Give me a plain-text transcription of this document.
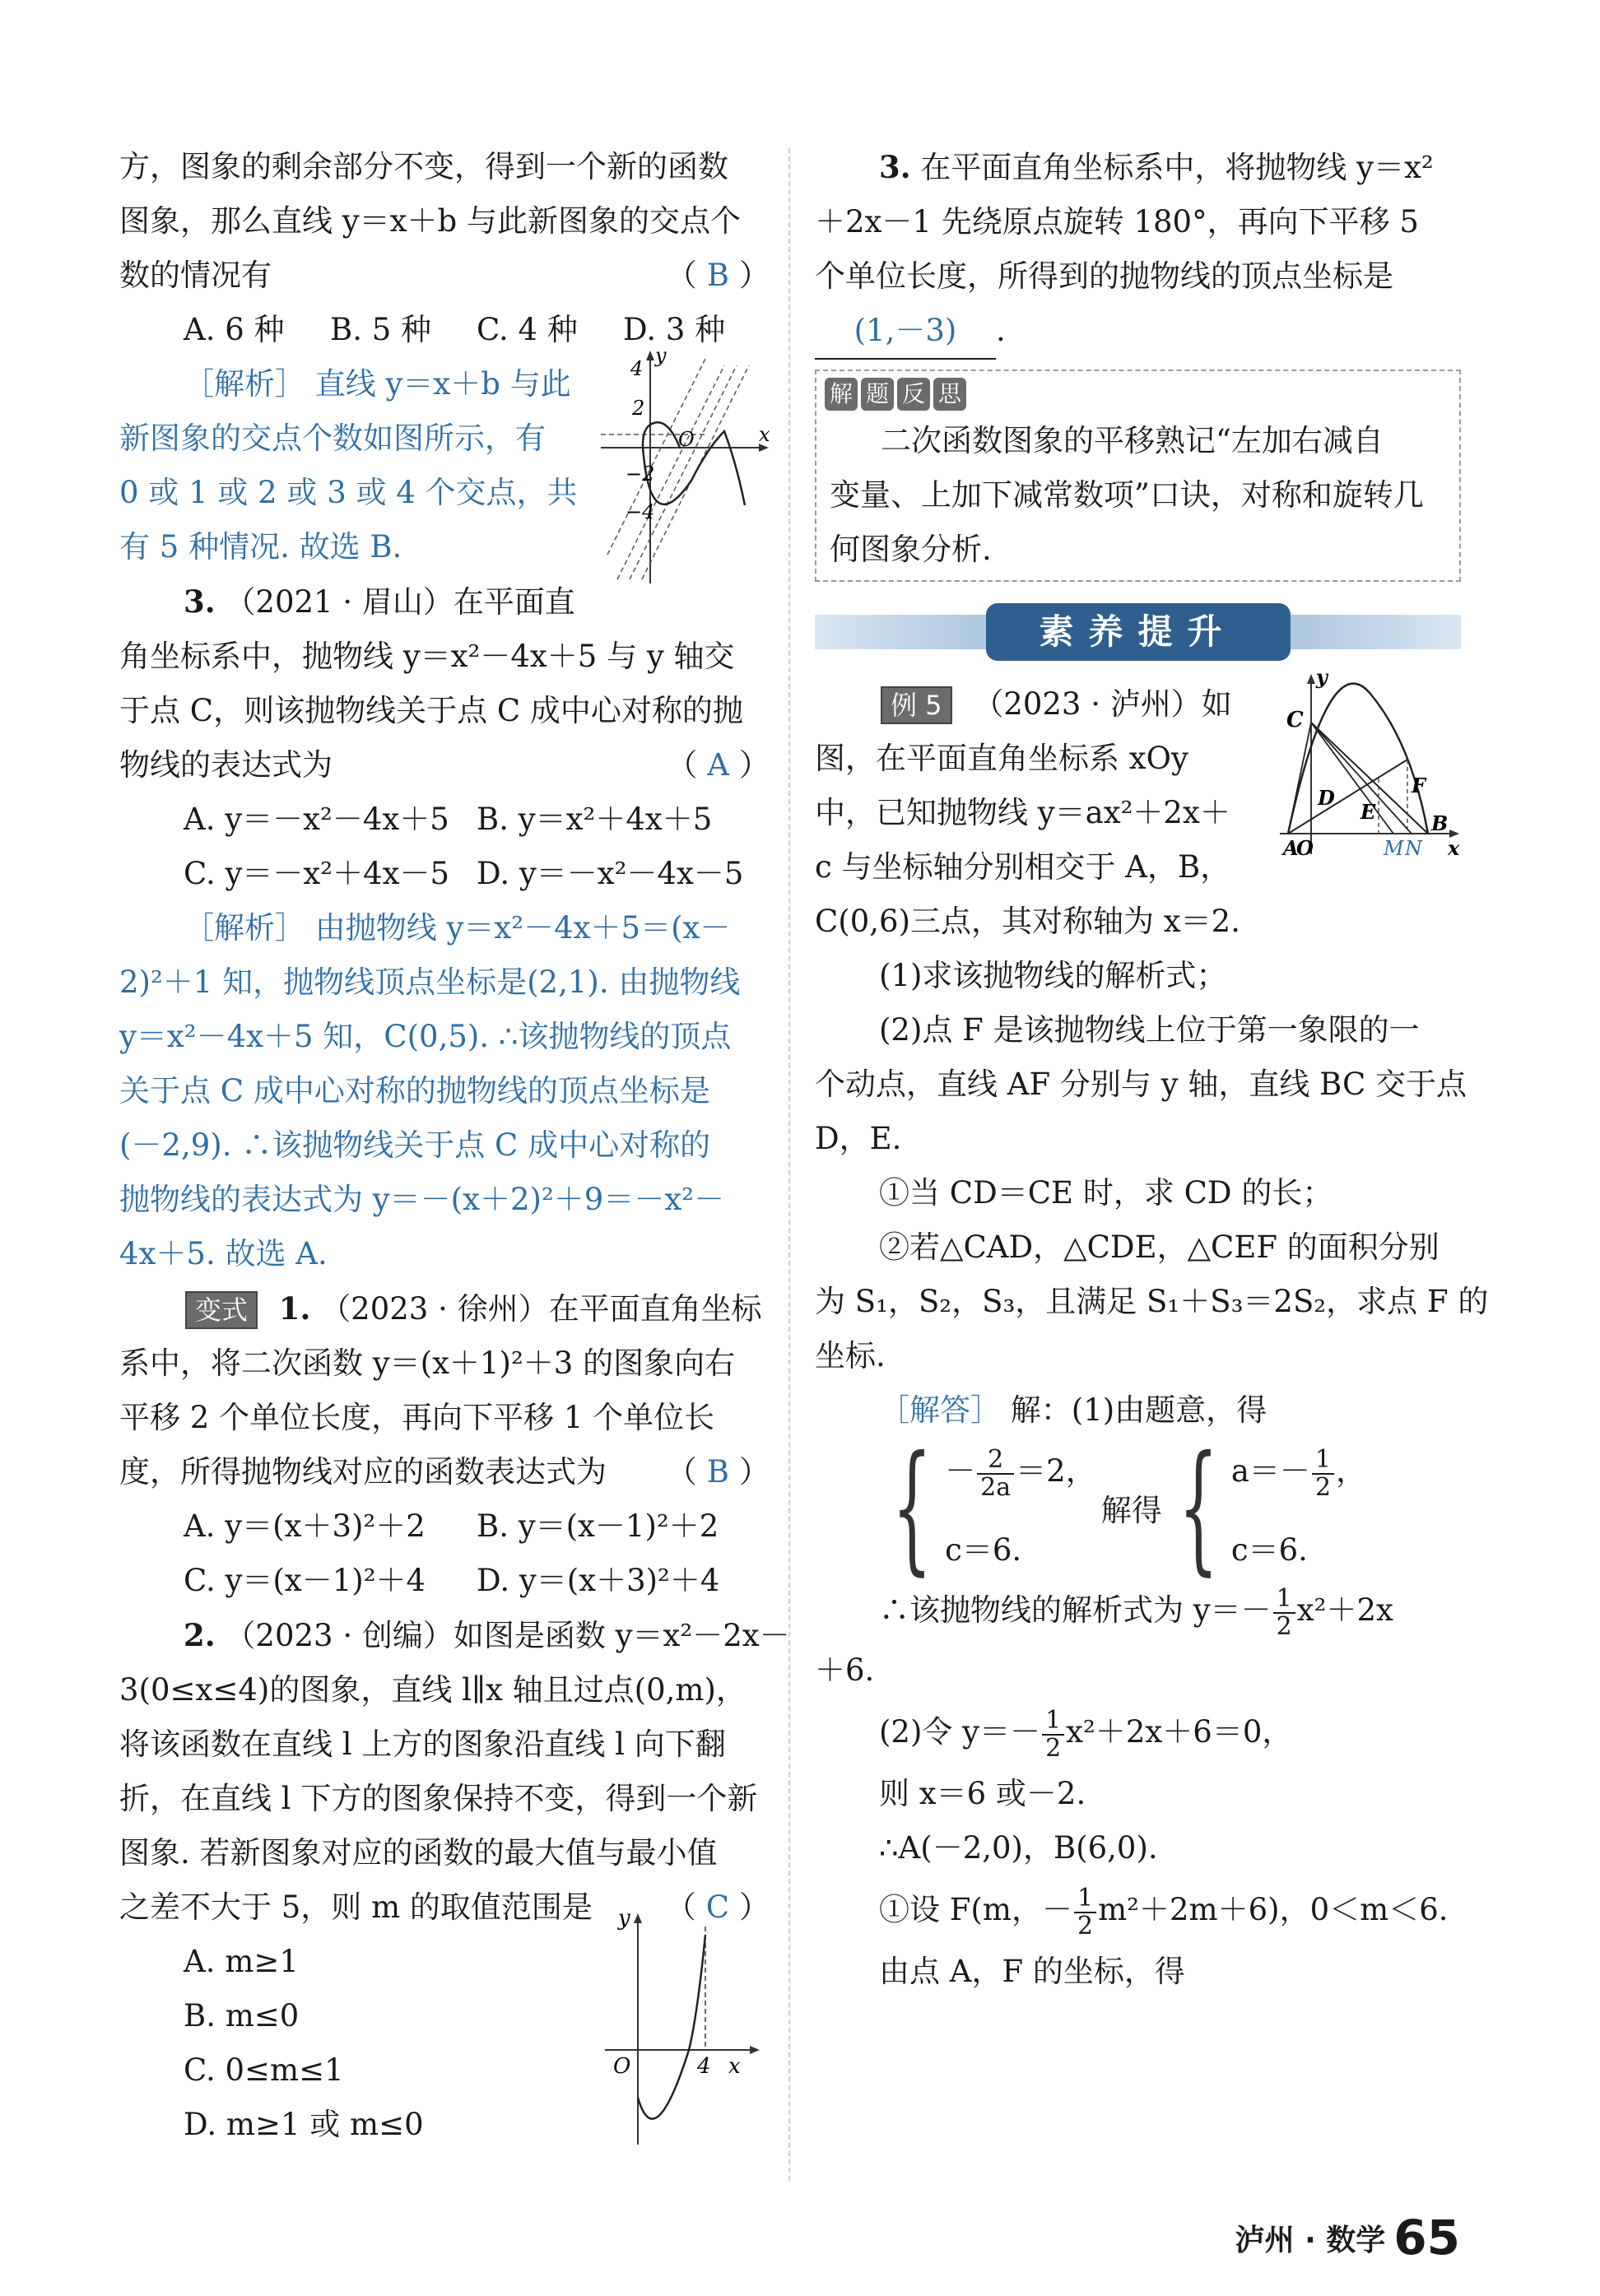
方，图象的剩余部分不变，得到一个新的函数
图象，那么直线 y＝x＋b 与此新图象的交点个
数的情况有	（ B ）
A. 6 种	B. 5 种	C. 4 种	D. 3 种
［解析］ 直线 y＝x＋b 与此
新图象的交点个数如图所示，有
0 或 1 或 2 或 3 或 4 个交点，共
有 5 种情况. 故选 B.
4
y
2
O	x
−2
−4
3. （2021 · 眉山）在平面直
角坐标系中，抛物线 y＝x²－4x＋5 与 y 轴交
于点 C，则该抛物线关于点 C 成中心对称的抛
物线的表达式为	（ A ）
A. y＝－x²－4x＋5 B. y＝x²＋4x＋5
C. y＝－x²＋4x－5 D. y＝－x²－4x－5
［解析］ 由抛物线 y＝x²－4x＋5＝(x－
2)²＋1 知，抛物线顶点坐标是(2,1). 由抛物线
y＝x²－4x＋5 知，C(0,5). ∴该抛物线的顶点
关于点 C 成中心对称的抛物线的顶点坐标是
(－2,9). ∴该抛物线关于点 C 成中心对称的
抛物线的表达式为 y＝－(x＋2)²＋9＝－x²－
4x＋5. 故选 A.
变式 1. （2023 · 徐州）在平面直角坐标
系中，将二次函数 y＝(x＋1)²＋3 的图象向右
平移 2 个单位长度，再向下平移 1 个单位长
度，所得抛物线对应的函数表达式为 （ B ）
A. y＝(x＋3)²＋2	B. y＝(x－1)²＋2
C. y＝(x－1)²＋4	D. y＝(x＋3)²＋4
2. （2023 · 创编）如图是函数 y＝x²－2x－
3(0≤x≤4)的图象，直线 l∥x 轴且过点(0,m)，
将该函数在直线 l 上方的图象沿直线 l 向下翻
折，在直线 l 下方的图象保持不变，得到一个新
图象. 若新图象对应的函数的最大值与最小值
之差不大于 5，则 m 的取值范围是 （ C ）
A. m≥1
B. m≤0
C. 0≤m≤1
D. m≥1 或 m≤0
y
O	4 x
3. 在平面直角坐标系中，将抛物线 y＝x²
＋2x－1 先绕原点旋转 180°，再向下平移 5
个单位长度，所得到的抛物线的顶点坐标是
(1,－3) .
解 题 反 思
二次函数图象的平移熟记“左加右减自
变量、上加下减常数项”口诀，对称和旋转几
何图象分析.
素养提升
例 5 （2023 · 泸州）如
图，在平面直角坐标系 xOy
中，已知抛物线 y＝ax²＋2x＋
c 与坐标轴分别相交于 A，B，
C(0,6)三点，其对称轴为 x＝2.
y
C
D
E
F
B
A
O	M N x
(1)求该抛物线的解析式；
(2)点 F 是该抛物线上位于第一象限的一
个动点，直线 AF 分别与 y 轴，直线 BC 交于点
D，E.
①当 CD＝CE 时，求 CD 的长；
②若△CAD，△CDE，△CEF 的面积分别
为 S₁，S₂，S₃，且满足 S₁＋S₃＝2S₂，求点 F 的
坐标.
［解答］ 解：(1)由题意，得
{ － $\frac{2}{2a} =2$，
c＝6.
解得 { $a=- \frac{1}{2}$ ，
c＝6.
∴该抛物线的解析式为 $y=- \frac{1}{2} x^2+2x$
＋6.
(2)令 $y=- \frac{1}{2} x^2+2x+6=0$，
则 x＝6 或－2.
∴A(－2,0)，B(6,0).
①设 F(m，－ $\frac{1}{2} m^2+2m+6$)，0＜m＜6.
由点 A，F 的坐标，得
泸州 · 数学 65
